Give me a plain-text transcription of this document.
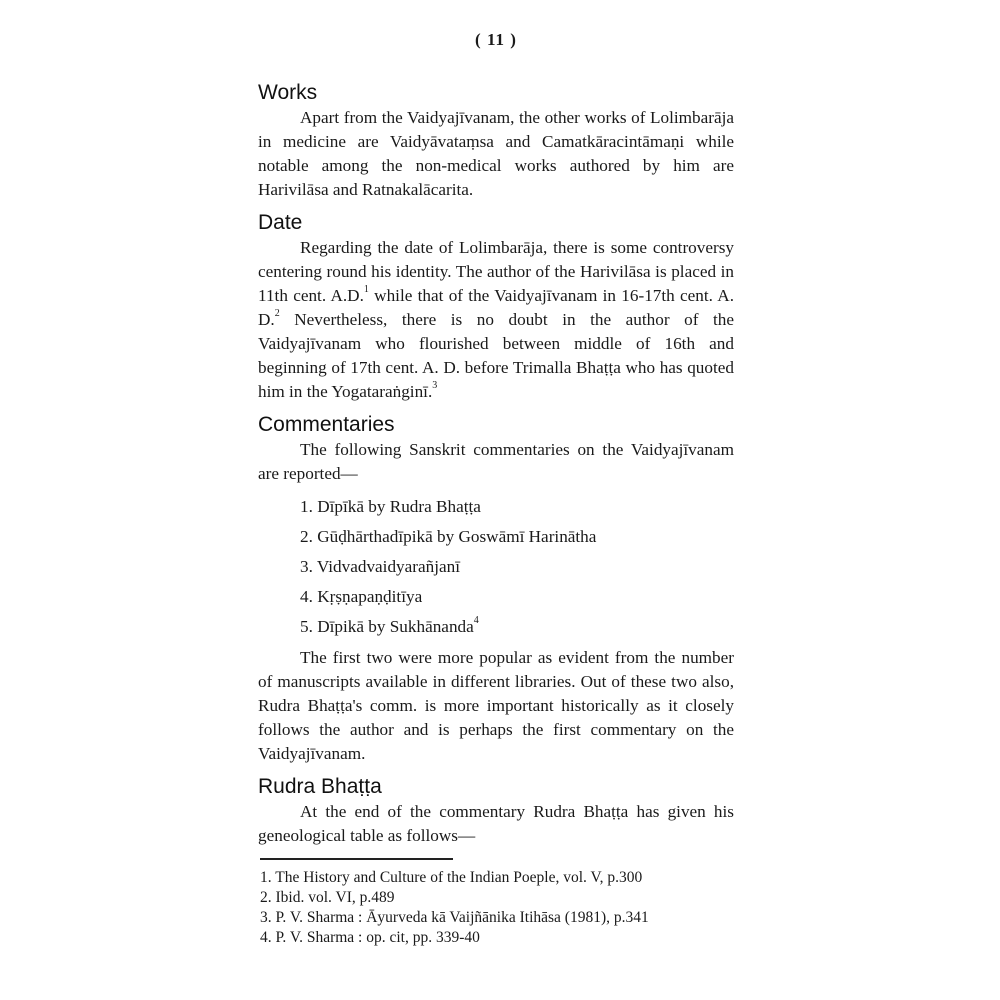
( 11 )
Works

Apart from the Vaidyajīvanam, the other works of Lolimbarāja in medicine are Vaidyāvataṃsa and Camatkāracintāmaṇi while notable among the non-medical works authored by him are Harivilāsa and Ratnakalācarita.

Date

Regarding the date of Lolimbarāja, there is some controversy centering round his identity. The author of the Harivilāsa is placed in 11th cent. A.D.$^1$ while that of the Vaidyajīvanam in 16-17th cent. A. D.$^2$ Nevertheless, there is no doubt in the author of the Vaidyajīvanam who flourished between middle of 16th and beginning of 17th cent. A. D. before Trimalla Bhaṭṭa who has quoted him in the Yogataraṅginī.$^3$

Commentaries

The following Sanskrit commentaries on the Vaidyajīvanam are reported—

1. Dīpīkā by Rudra Bhaṭṭa
2. Gūḍhārthadīpikā by Goswāmī Harinātha
3. Vidvadvaidyarañjanī
4. Kṛṣṇapaṇḍitīya
5. Dīpikā by Sukhānanda$^4$

The first two were more popular as evident from the number of manuscripts available in different libraries. Out of these two also, Rudra Bhaṭṭa's comm. is more important historically as it closely follows the author and is perhaps the first commentary on the Vaidyajīvanam.

Rudra Bhaṭṭa

At the end of the commentary Rudra Bhaṭṭa has given his geneological table as follows—

1. The History and Culture of the Indian Poeple, vol. V, p.300
2. Ibid. vol. VI, p.489
3. P. V. Sharma : Āyurveda kā Vaijñānika Itihāsa (1981), p.341
4. P. V. Sharma : op. cit, pp. 339-40
